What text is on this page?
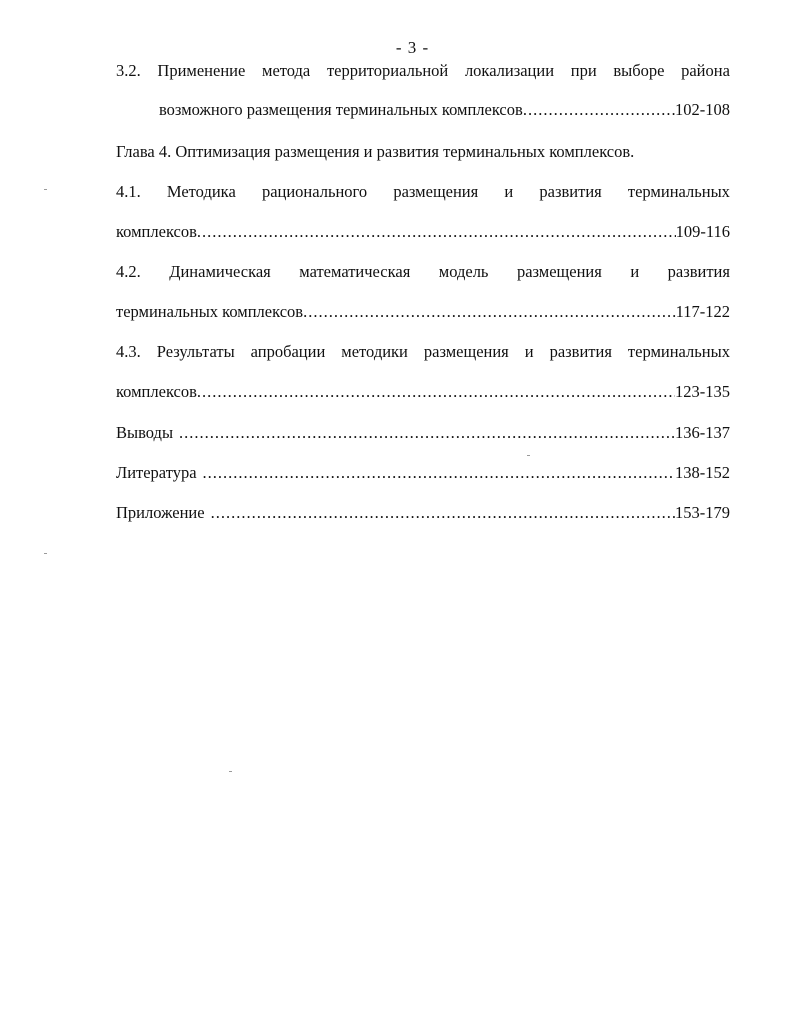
- 3 -
3.2. Применение метода территориальной локализации при выборе района
возможного размещения терминальных комплексов .....	102-108
Глава 4. Оптимизация размещения и развития терминальных комплексов.
4.1. Методика рационального размещения и развития терминальных
комплексов .....	109-116
4.2. Динамическая математическая модель размещения и развития
терминальных комплексов .....	117-122
4.3. Результаты апробации методики размещения и развития терминальных
комплексов .....	123-135
Выводы .....	136-137
Литература .....	138-152
Приложение .....	153-179
